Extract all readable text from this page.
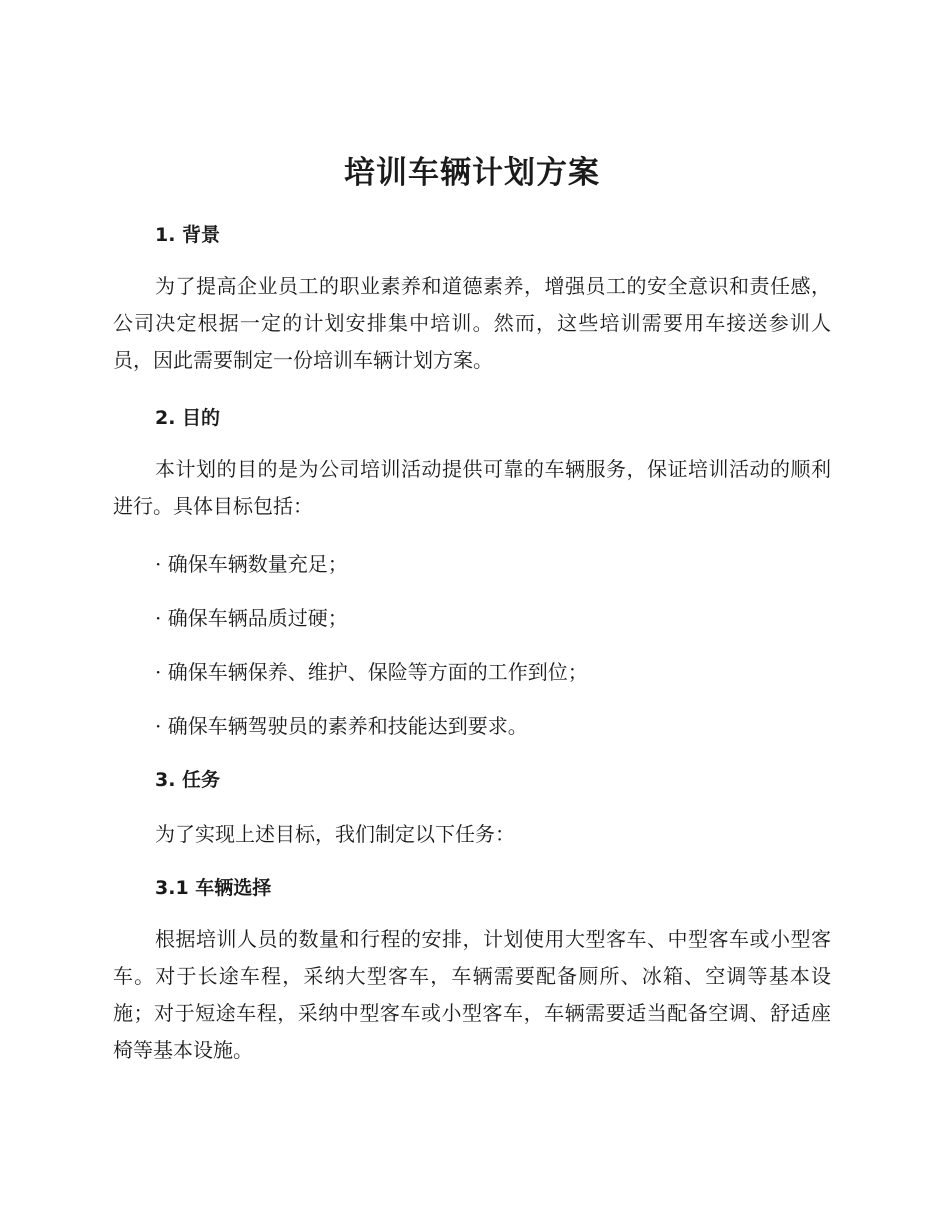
培训车辆计划方案
1. 背景

为了提高企业员工的职业素养和道德素养，增强员工的安全意识和责任感，公司决定根据一定的计划安排集中培训。然而，这些培训需要用车接送参训人员，因此需要制定一份培训车辆计划方案。

2. 目的

本计划的目的是为公司培训活动提供可靠的车辆服务，保证培训活动的顺利进行。具体目标包括：

· 确保车辆数量充足；

· 确保车辆品质过硬；

· 确保车辆保养、维护、保险等方面的工作到位；

· 确保车辆驾驶员的素养和技能达到要求。

3. 任务

为了实现上述目标，我们制定以下任务：

3.1 车辆选择

根据培训人员的数量和行程的安排，计划使用大型客车、中型客车或小型客车。对于长途车程，采纳大型客车，车辆需要配备厕所、冰箱、空调等基本设施；对于短途车程，采纳中型客车或小型客车，车辆需要适当配备空调、舒适座椅等基本设施。
